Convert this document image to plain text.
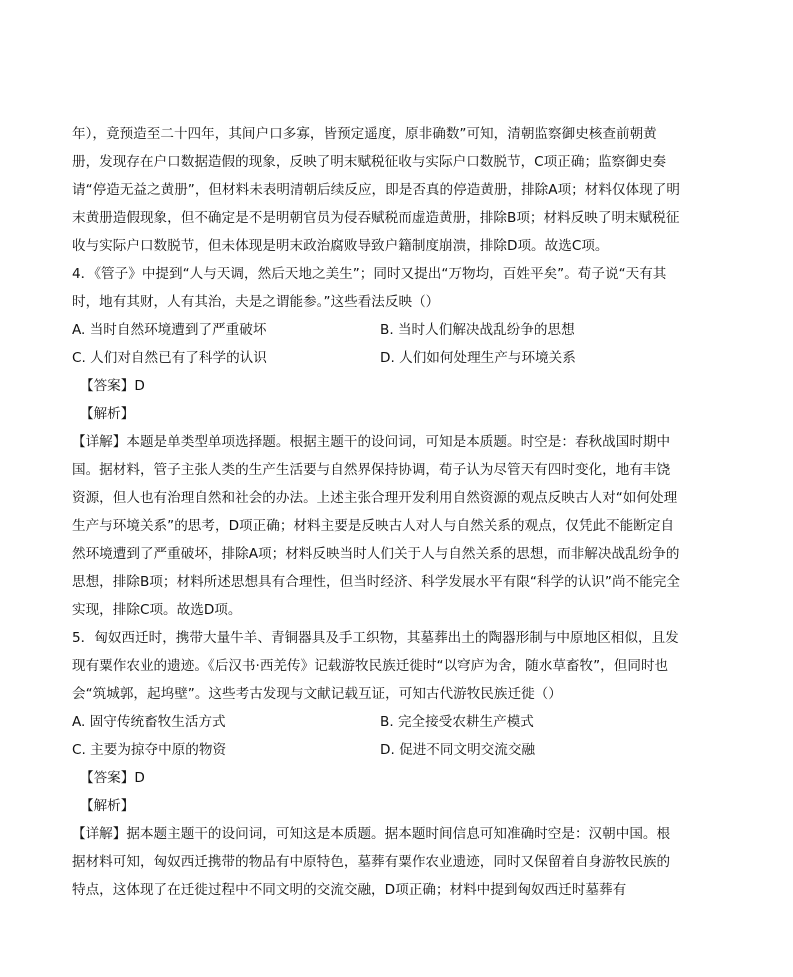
年），竟预造至二十四年，其间户口多寡，皆预定遥度，原非确数”可知，清朝监察御史核查前朝黄册，发现存在户口数据造假的现象，反映了明末赋税征收与实际户口数脱节，C项正确；监察御史奏请“停造无益之黄册”，但材料未表明清朝后续反应，即是否真的停造黄册，排除A项；材料仅体现了明末黄册造假现象，但不确定是不是明朝官员为侵吞赋税而虚造黄册，排除B项；材料反映了明末赋税征收与实际户口数脱节，但未体现是明末政治腐败导致户籍制度崩溃，排除D项。故选C项。

4．《管子》中提到“人与天调，然后天地之美生”；同时又提出“万物均，百姓平矣”。荀子说“天有其时，地有其财，人有其治，夫是之谓能参。”这些看法反映（）

A. 当时自然环境遭到了严重破坏	B. 当时人们解决战乱纷争的思想
C. 人们对自然已有了科学的认识	D. 人们如何处理生产与环境关系

【答案】D

【解析】

【详解】本题是单类型单项选择题。根据主题干的设问词，可知是本质题。时空是：春秋战国时期中国。据材料，管子主张人类的生产生活要与自然界保持协调，荀子认为尽管天有四时变化，地有丰饶资源，但人也有治理自然和社会的办法。上述主张合理开发利用自然资源的观点反映古人对“如何处理生产与环境关系”的思考，D项正确；材料主要是反映古人对人与自然关系的观点，仅凭此不能断定自然环境遭到了严重破坏，排除A项；材料反映当时人们关于人与自然关系的思想，而非解决战乱纷争的思想，排除B项；材料所述思想具有合理性，但当时经济、科学发展水平有限“科学的认识”尚不能完全实现，排除C项。故选D项。

5．匈奴西迁时，携带大量牛羊、青铜器具及手工织物，其墓葬出土的陶器形制与中原地区相似，且发现有粟作农业的遗迹。《后汉书·西羌传》记载游牧民族迁徙时“以穹庐为舍，随水草畜牧”，但同时也会“筑城郭，起坞壁”。这些考古发现与文献记载互证，可知古代游牧民族迁徙（）

A. 固守传统畜牧生活方式	B. 完全接受农耕生产模式
C. 主要为掠夺中原的物资	D. 促进不同文明交流交融

【答案】D

【解析】

【详解】据本题主题干的设问词，可知这是本质题。据本题时间信息可知准确时空是：汉朝中国。根据材料可知，匈奴西迁携带的物品有中原特色，墓葬有粟作农业遗迹，同时又保留着自身游牧民族的特点，这体现了在迁徙过程中不同文明的交流交融，D项正确；材料中提到匈奴西迁时墓葬有
